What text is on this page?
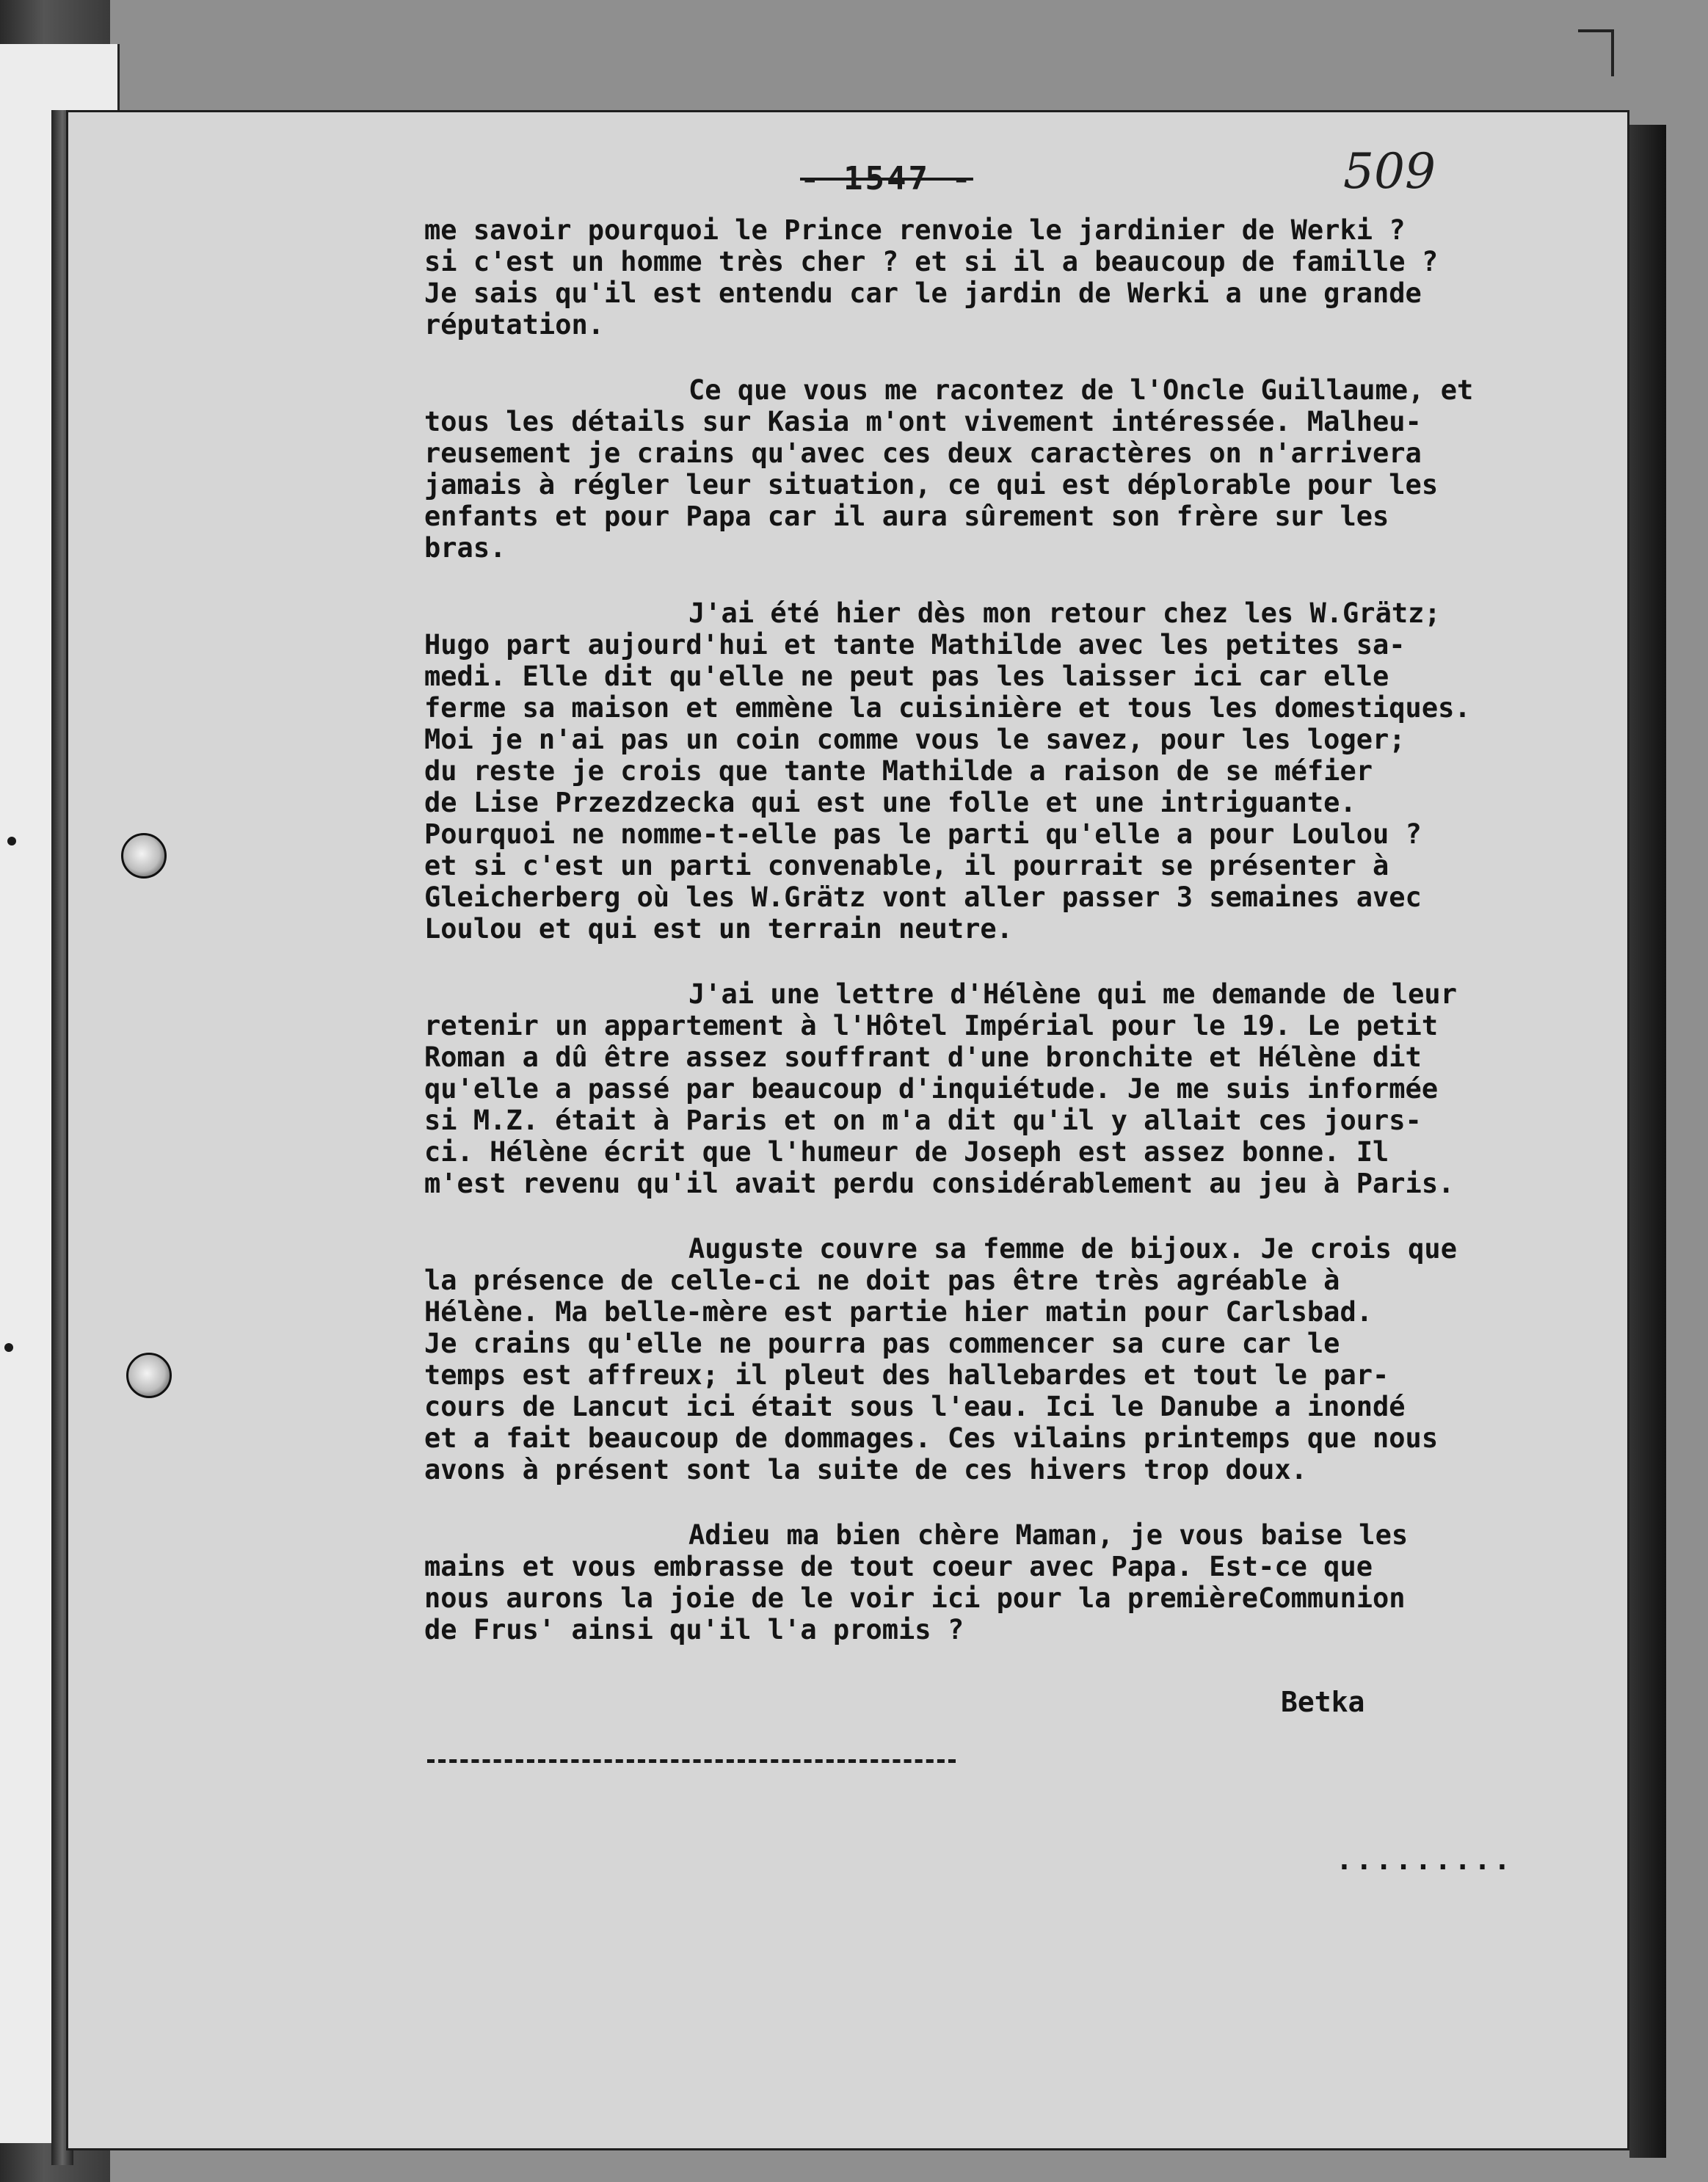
- 1547 -	509

me savoir pourquoi le Prince renvoie le jardinier de Werki ?
si c'est un homme très cher ? et si il a beaucoup de famille ?
Je sais qu'il est entendu car le jardin de Werki a une grande
réputation.

Ce que vous me racontez de l'Oncle Guillaume, et
tous les détails sur Kasia m'ont vivement intéressée. Malheu-
reusement je crains qu'avec ces deux caractères on n'arrivera
jamais à régler leur situation, ce qui est déplorable pour les
enfants et pour Papa car il aura sûrement son frère sur les
bras.

J'ai été hier dès mon retour chez les W.Grätz;
Hugo part aujourd'hui et tante Mathilde avec les petites sa-
medi. Elle dit qu'elle ne peut pas les laisser ici car elle
ferme sa maison et emmène la cuisinière et tous les domestiques.
Moi je n'ai pas un coin comme vous le savez, pour les loger;
du reste je crois que tante Mathilde a raison de se méfier
de Lise Przezdzecka qui est une folle et une intriguante.
Pourquoi ne nomme-t-elle pas le parti qu'elle a pour Loulou ?
et si c'est un parti convenable, il pourrait se présenter à
Gleicherberg où les W.Grätz vont aller passer 3 semaines avec
Loulou et qui est un terrain neutre.

J'ai une lettre d'Hélène qui me demande de leur
retenir un appartement à l'Hôtel Impérial pour le 19. Le petit
Roman a dû être assez souffrant d'une bronchite et Hélène dit
qu'elle a passé par beaucoup d'inquiétude. Je me suis informée
si M.Z. était à Paris et on m'a dit qu'il y allait ces jours-
ci. Hélène écrit que l'humeur de Joseph est assez bonne. Il
m'est revenu qu'il avait perdu considérablement au jeu à Paris.

Auguste couvre sa femme de bijoux. Je crois que
la présence de celle-ci ne doit pas être très agréable à
Hélène. Ma belle-mère est partie hier matin pour Carlsbad.
Je crains qu'elle ne pourra pas commencer sa cure car le
temps est affreux; il pleut des hallebardes et tout le par-
cours de Lancut ici était sous l'eau. Ici le Danube a inondé
et a fait beaucoup de dommages. Ces vilains printemps que nous
avons à présent sont la suite de ces hivers trop doux.

Adieu ma bien chère Maman, je vous baise les
mains et vous embrasse de tout coeur avec Papa. Est-ce que
nous aurons la joie de le voir ici pour la premièreCommunion
de Frus' ainsi qu'il l'a promis ?

Betka
.........
